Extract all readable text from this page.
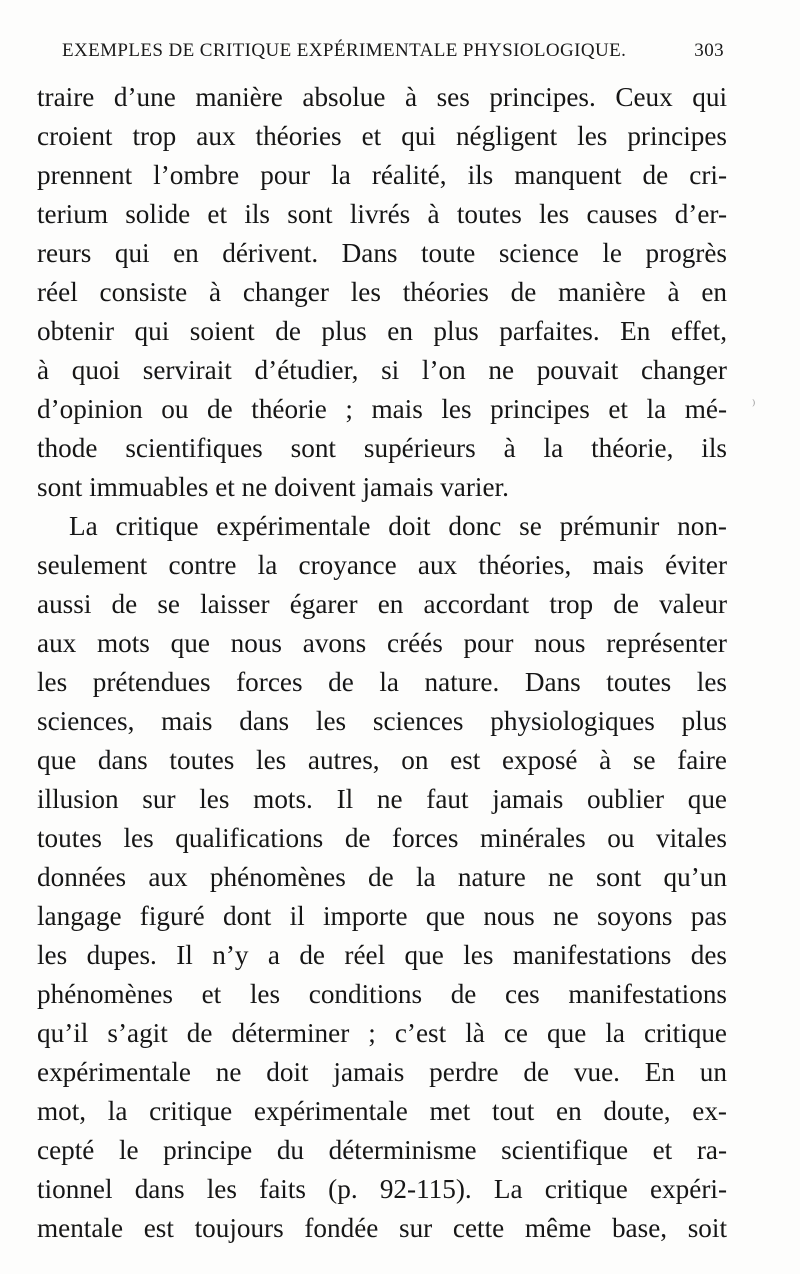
EXEMPLES DE CRITIQUE EXPÉRIMENTALE PHYSIOLOGIQUE.	303
traire d’une manière absolue à ses principes. Ceux qui
croient trop aux théories et qui négligent les principes
prennent l’ombre pour la réalité, ils manquent de cri-
terium solide et ils sont livrés à toutes les causes d’er-
reurs qui en dérivent. Dans toute science le progrès
réel consiste à changer les théories de manière à en
obtenir qui soient de plus en plus parfaites. En effet,
à quoi servirait d’étudier, si l’on ne pouvait changer
d’opinion ou de théorie ; mais les principes et la mé-
thode scientifiques sont supérieurs à la théorie, ils
sont immuables et ne doivent jamais varier.
La critique expérimentale doit donc se prémunir non-
seulement contre la croyance aux théories, mais éviter
aussi de se laisser égarer en accordant trop de valeur
aux mots que nous avons créés pour nous représenter
les prétendues forces de la nature. Dans toutes les
sciences, mais dans les sciences physiologiques plus
que dans toutes les autres, on est exposé à se faire
illusion sur les mots. Il ne faut jamais oublier que
toutes les qualifications de forces minérales ou vitales
données aux phénomènes de la nature ne sont qu’un
langage figuré dont il importe que nous ne soyons pas
les dupes. Il n’y a de réel que les manifestations des
phénomènes et les conditions de ces manifestations
qu’il s’agit de déterminer ; c’est là ce que la critique
expérimentale ne doit jamais perdre de vue. En un
mot, la critique expérimentale met tout en doute, ex-
cepté le principe du déterminisme scientifique et ra-
tionnel dans les faits (p. 92-115). La critique expéri-
mentale est toujours fondée sur cette même base, soit
⁾
